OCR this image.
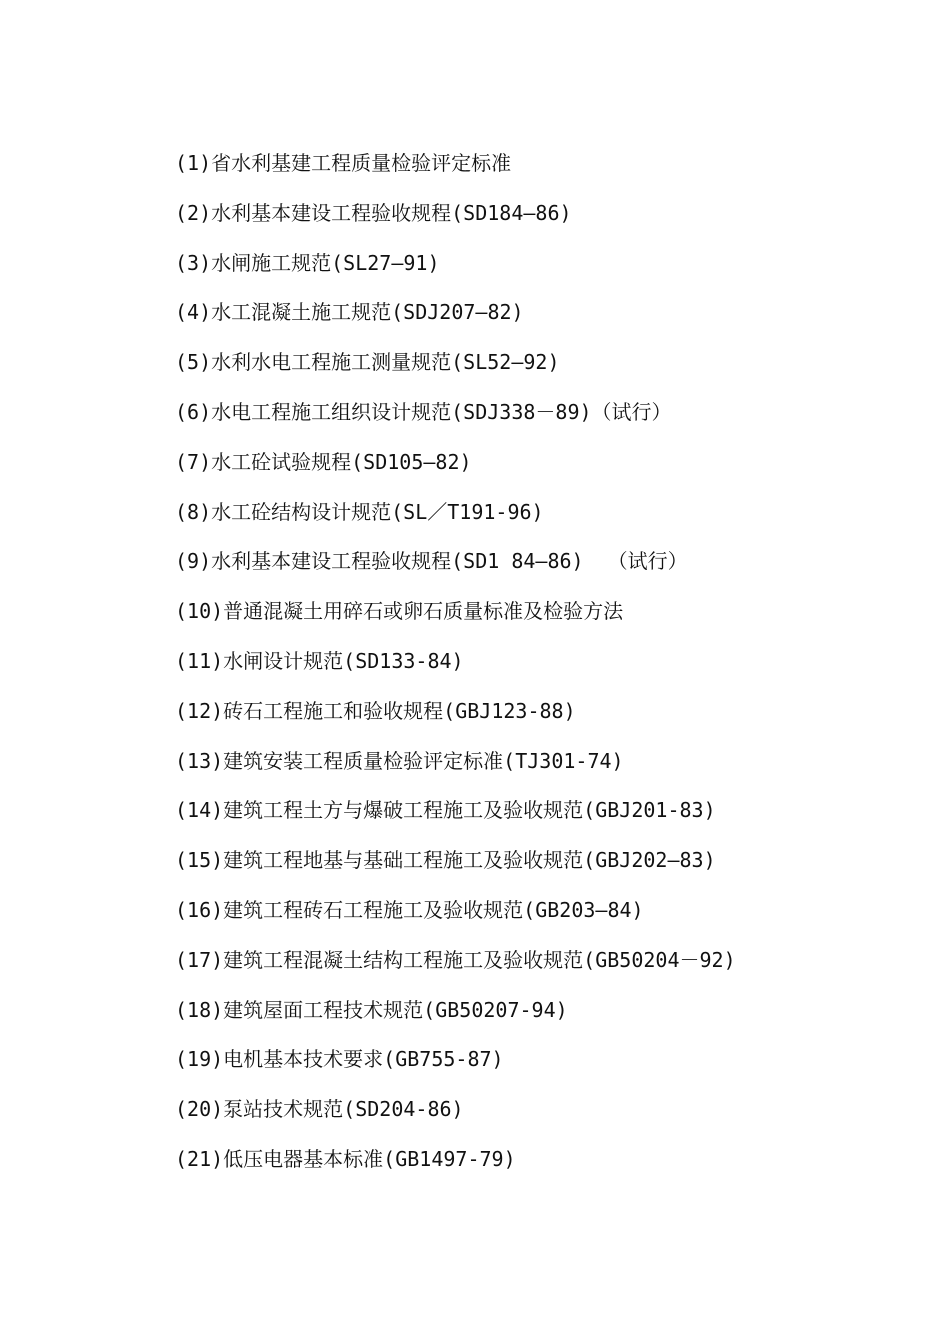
(1)省水利基建工程质量检验评定标准
(2)水利基本建设工程验收规程(SD184—86)
(3)水闸施工规范(SL27—91)
(4)水工混凝土施工规范(SDJ207—82)
(5)水利水电工程施工测量规范(SL52—92)
(6)水电工程施工组织设计规范(SDJ338－89)（试行）
(7)水工砼试验规程(SD105—82)
(8)水工砼结构设计规范(SL／T191-96)
(9)水利基本建设工程验收规程(SD1 84—86)  （试行）
(10)普通混凝土用碎石或卵石质量标准及检验方法
(11)水闸设计规范(SD133-84)
(12)砖石工程施工和验收规程(GBJ123-88)
(13)建筑安装工程质量检验评定标准(TJ301-74)
(14)建筑工程土方与爆破工程施工及验收规范(GBJ201-83)
(15)建筑工程地基与基础工程施工及验收规范(GBJ202—83)
(16)建筑工程砖石工程施工及验收规范(GB203—84)
(17)建筑工程混凝土结构工程施工及验收规范(GB50204－92)
(18)建筑屋面工程技术规范(GB50207-94)
(19)电机基本技术要求(GB755-87)
(20)泵站技术规范(SD204-86)
(21)低压电器基本标准(GB1497-79)
